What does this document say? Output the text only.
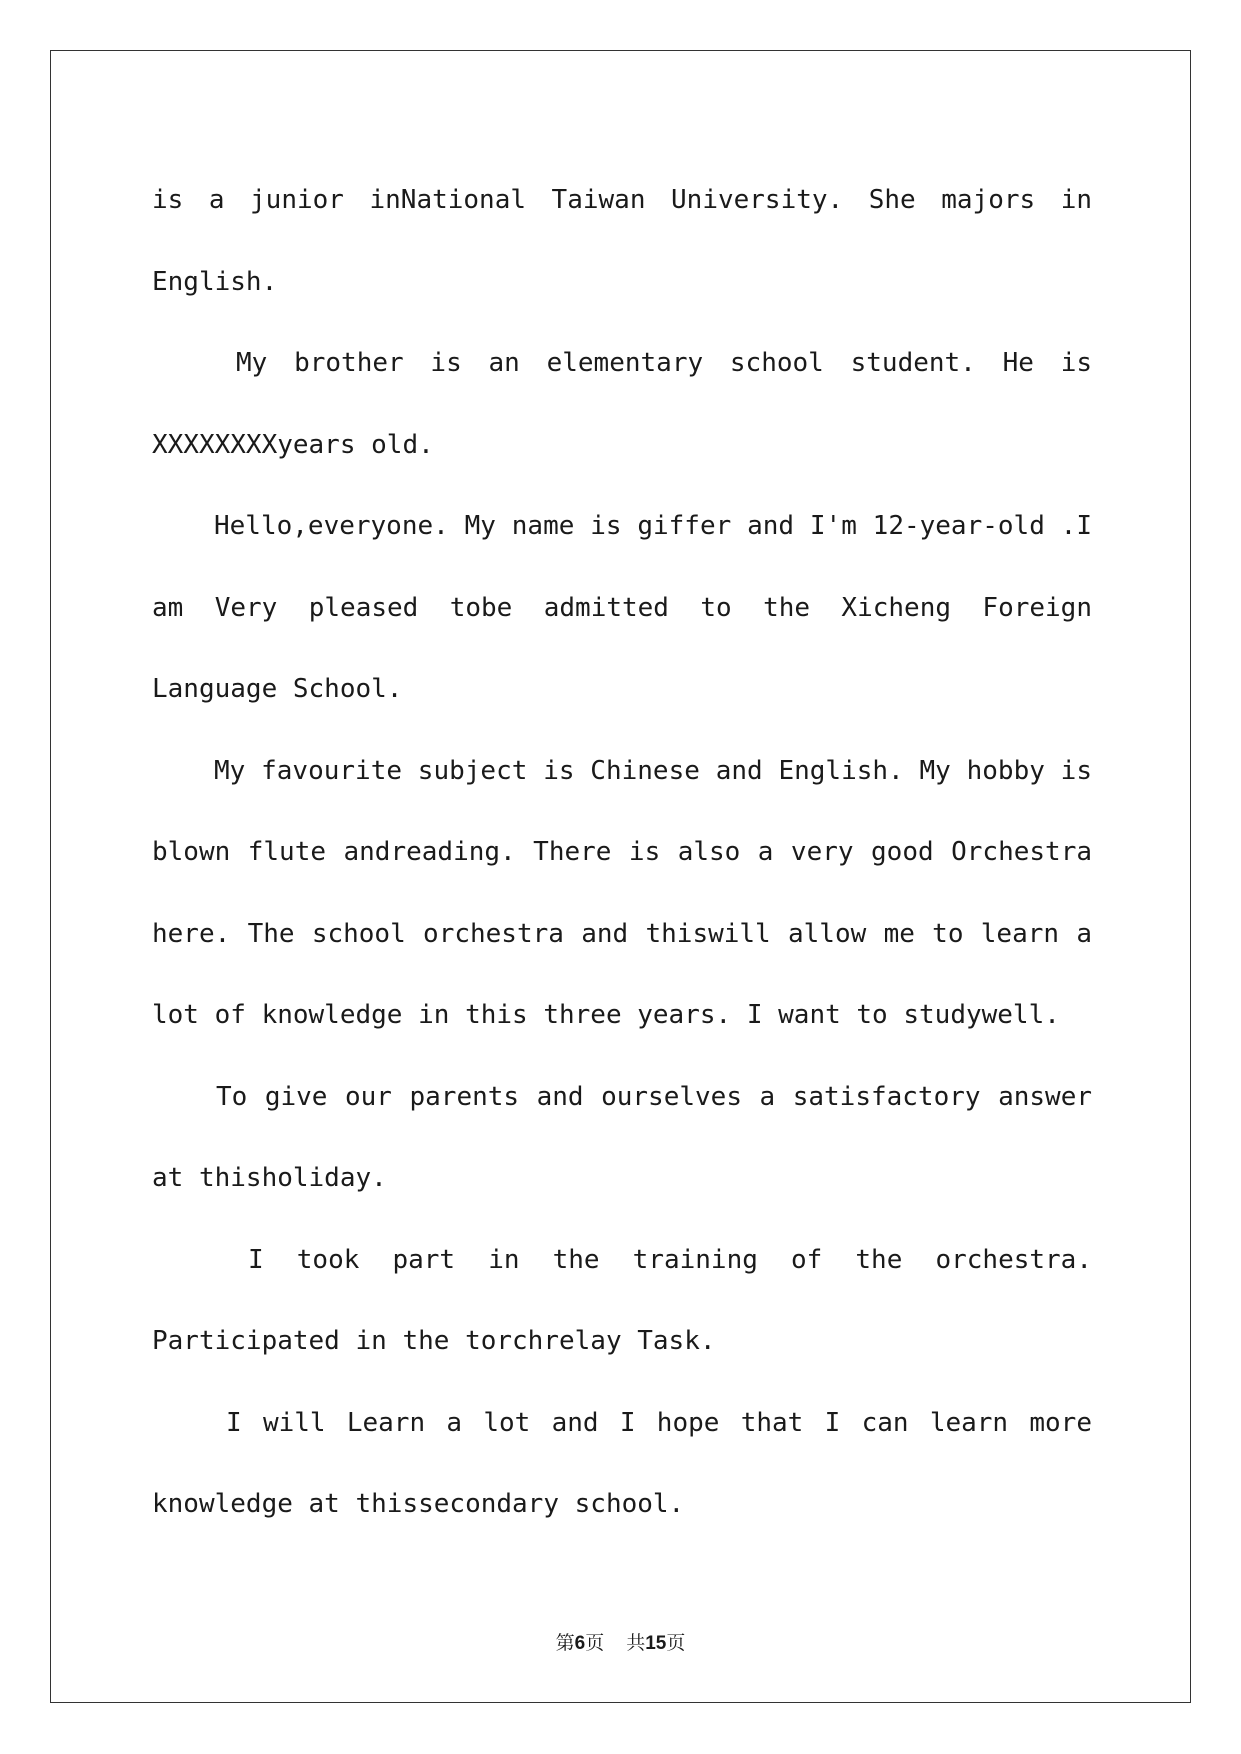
is a junior inNational Taiwan University. She majors in
English.
My brother is an elementary school student. He is
XXXXXXXXyears old.
Hello,everyone. My name is giffer and I'm 12-year-old .I
am Very pleased tobe admitted to the Xicheng Foreign
Language School.
My favourite subject is Chinese and English. My hobby is
blown flute andreading. There is also a very good Orchestra
here. The school orchestra and thiswill allow me to learn a
lot of knowledge in this three years. I want to studywell.
To give our parents and ourselves a satisfactory answer
at thisholiday.
I took part in the training of the orchestra.
Participated in the torchrelay Task.
I will Learn a lot and I hope that I can learn more
knowledge at thissecondary school.
第6页 共15页
